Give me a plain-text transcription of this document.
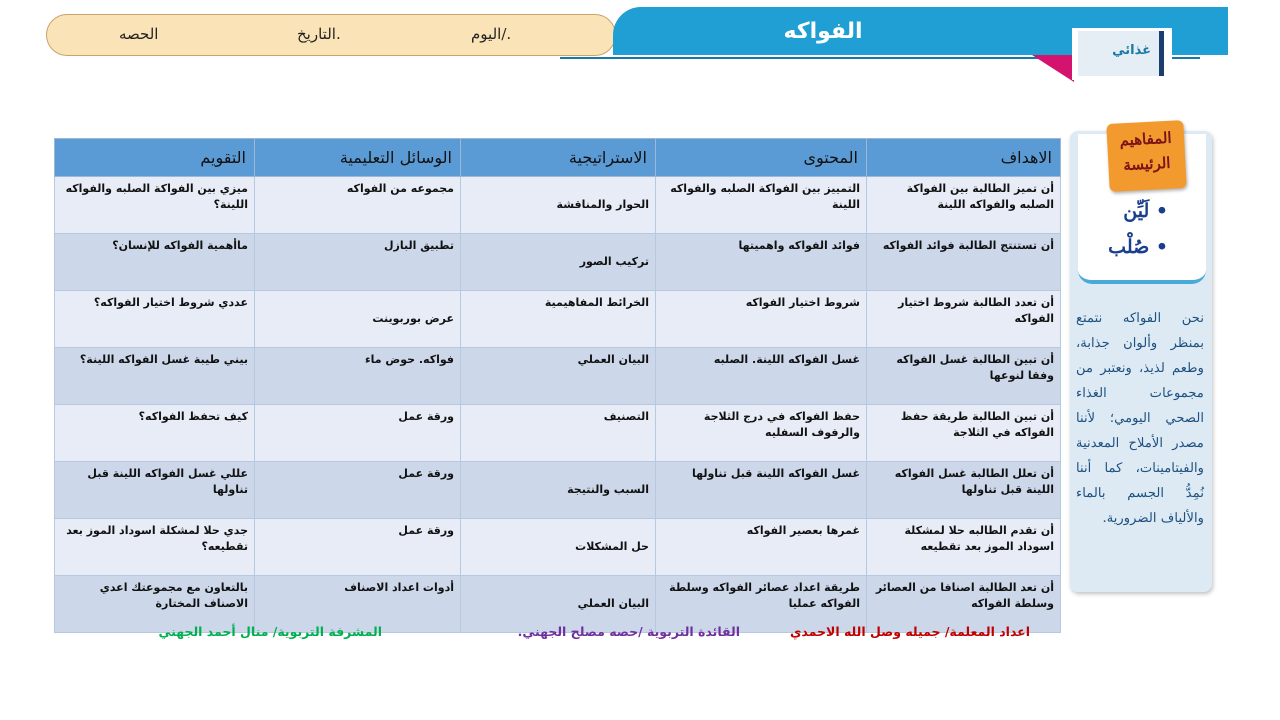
اليوم/.
التاريخ.
الحصه	الفواكه
غذائي
المفاهيم
الرئيسة
• لَيِّن
• صُلْب
نحن الفواكه نتمتع بمنظر وألوان جذابة، وطعم لذيذ، ونعتبر من مجموعات الغذاء الصحي اليومي؛ لأننا مصدر الأملاح المعدنية والفيتامينات، كما أننا نُمِدُّ الجسم بالماء والألياف الضرورية.
الاهداف	المحتوى	الاستراتيجية	الوسائل التعليمية	التقويم
أن تميز الطالبة بين الفواكة الصلبه والفواكه اللينة	التمييز بين الفواكة الصلبه والفواكه اللينة	الحوار والمناقشة	مجموعه من الفواكه	ميزي بين الفواكة الصلبه والفواكه اللينة؟
أن تستنتج الطالبة فوائد الفواكه	فوائد الفواكه واهميتها	تركيب الصور	تطبيق البازل	ماأهمية الفواكه للإنسان؟
أن تعدد الطالبة شروط اختيار الفواكه	شروط اختيار الفواكه	الخرائط المفاهيمية	عرض بوربوينت	عددي شروط اختيار الفواكه؟
أن تبين الطالبة غسل الفواكه وفقا لنوعها	غسل الفواكه اللينة. الصلبه	البيان العملي	فواكه. حوض ماء	بيني طيبة غسل الفواكه اللينة؟
أن تبين الطالبة طريقة حفظ الفواكه في الثلاجة	حفظ الفواكه في درج الثلاجة والرفوف السفليه	التصنيف	ورقة عمل	كيف تحفظ الفواكه؟
أن تعلل الطالبة غسل الفواكه اللينة قبل تناولها	غسل الفواكه اللينة قبل تناولها	السبب والنتيجة	ورقة عمل	عللي غسل الفواكه اللينة قبل تناولها
أن تقدم الطالبه حلا لمشكلة اسوداد الموز بعد تقطيعه	غمرها بعصير الفواكه	حل المشكلات	ورقة عمل	جدي حلا لمشكلة اسوداد الموز بعد تقطيعه؟
أن تعد الطالبة اصنافا من العصائر وسلطة الفواكه	طريقة اعداد عصائر الفواكه وسلطة الفواكه عمليا	البيان العملي	أدوات اعداد الاصناف	بالتعاون مع مجموعتك اعدي الاصناف المختارة
اعداد المعلمة/ جميله وصل الله الاحمدي
القائدة التربوية /حصه مصلح الجهني.
المشرفة التربوية/ منال أحمد الجهني
